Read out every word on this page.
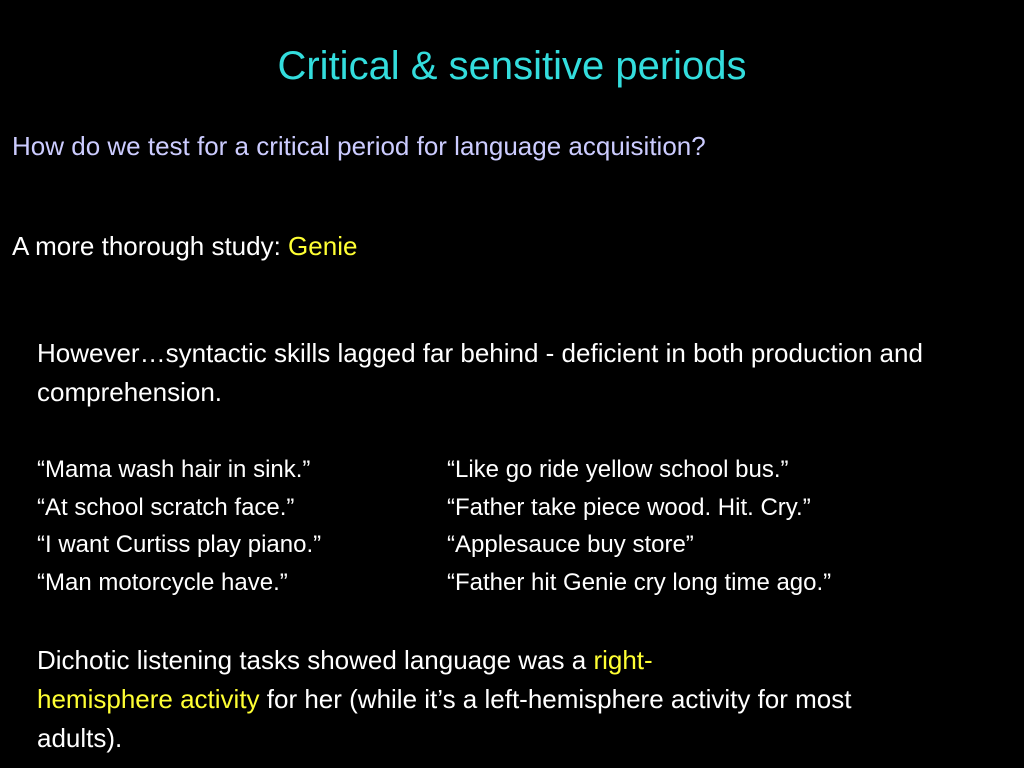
Critical & sensitive periods
How do we test for a critical period for language acquisition?
A more thorough study: Genie
However…syntactic skills lagged far behind - deficient in both production and comprehension.
“Mama wash hair in sink.”	“Like go ride yellow school bus.”
“At school scratch face.”	“Father take piece wood. Hit. Cry.”
“I want Curtiss play piano.”	“Applesauce buy store”
“Man motorcycle have.”	“Father hit Genie cry long time ago.”
Dichotic listening tasks showed language was a right-
hemisphere activity for her (while it’s a left-hemisphere activity for most adults).
